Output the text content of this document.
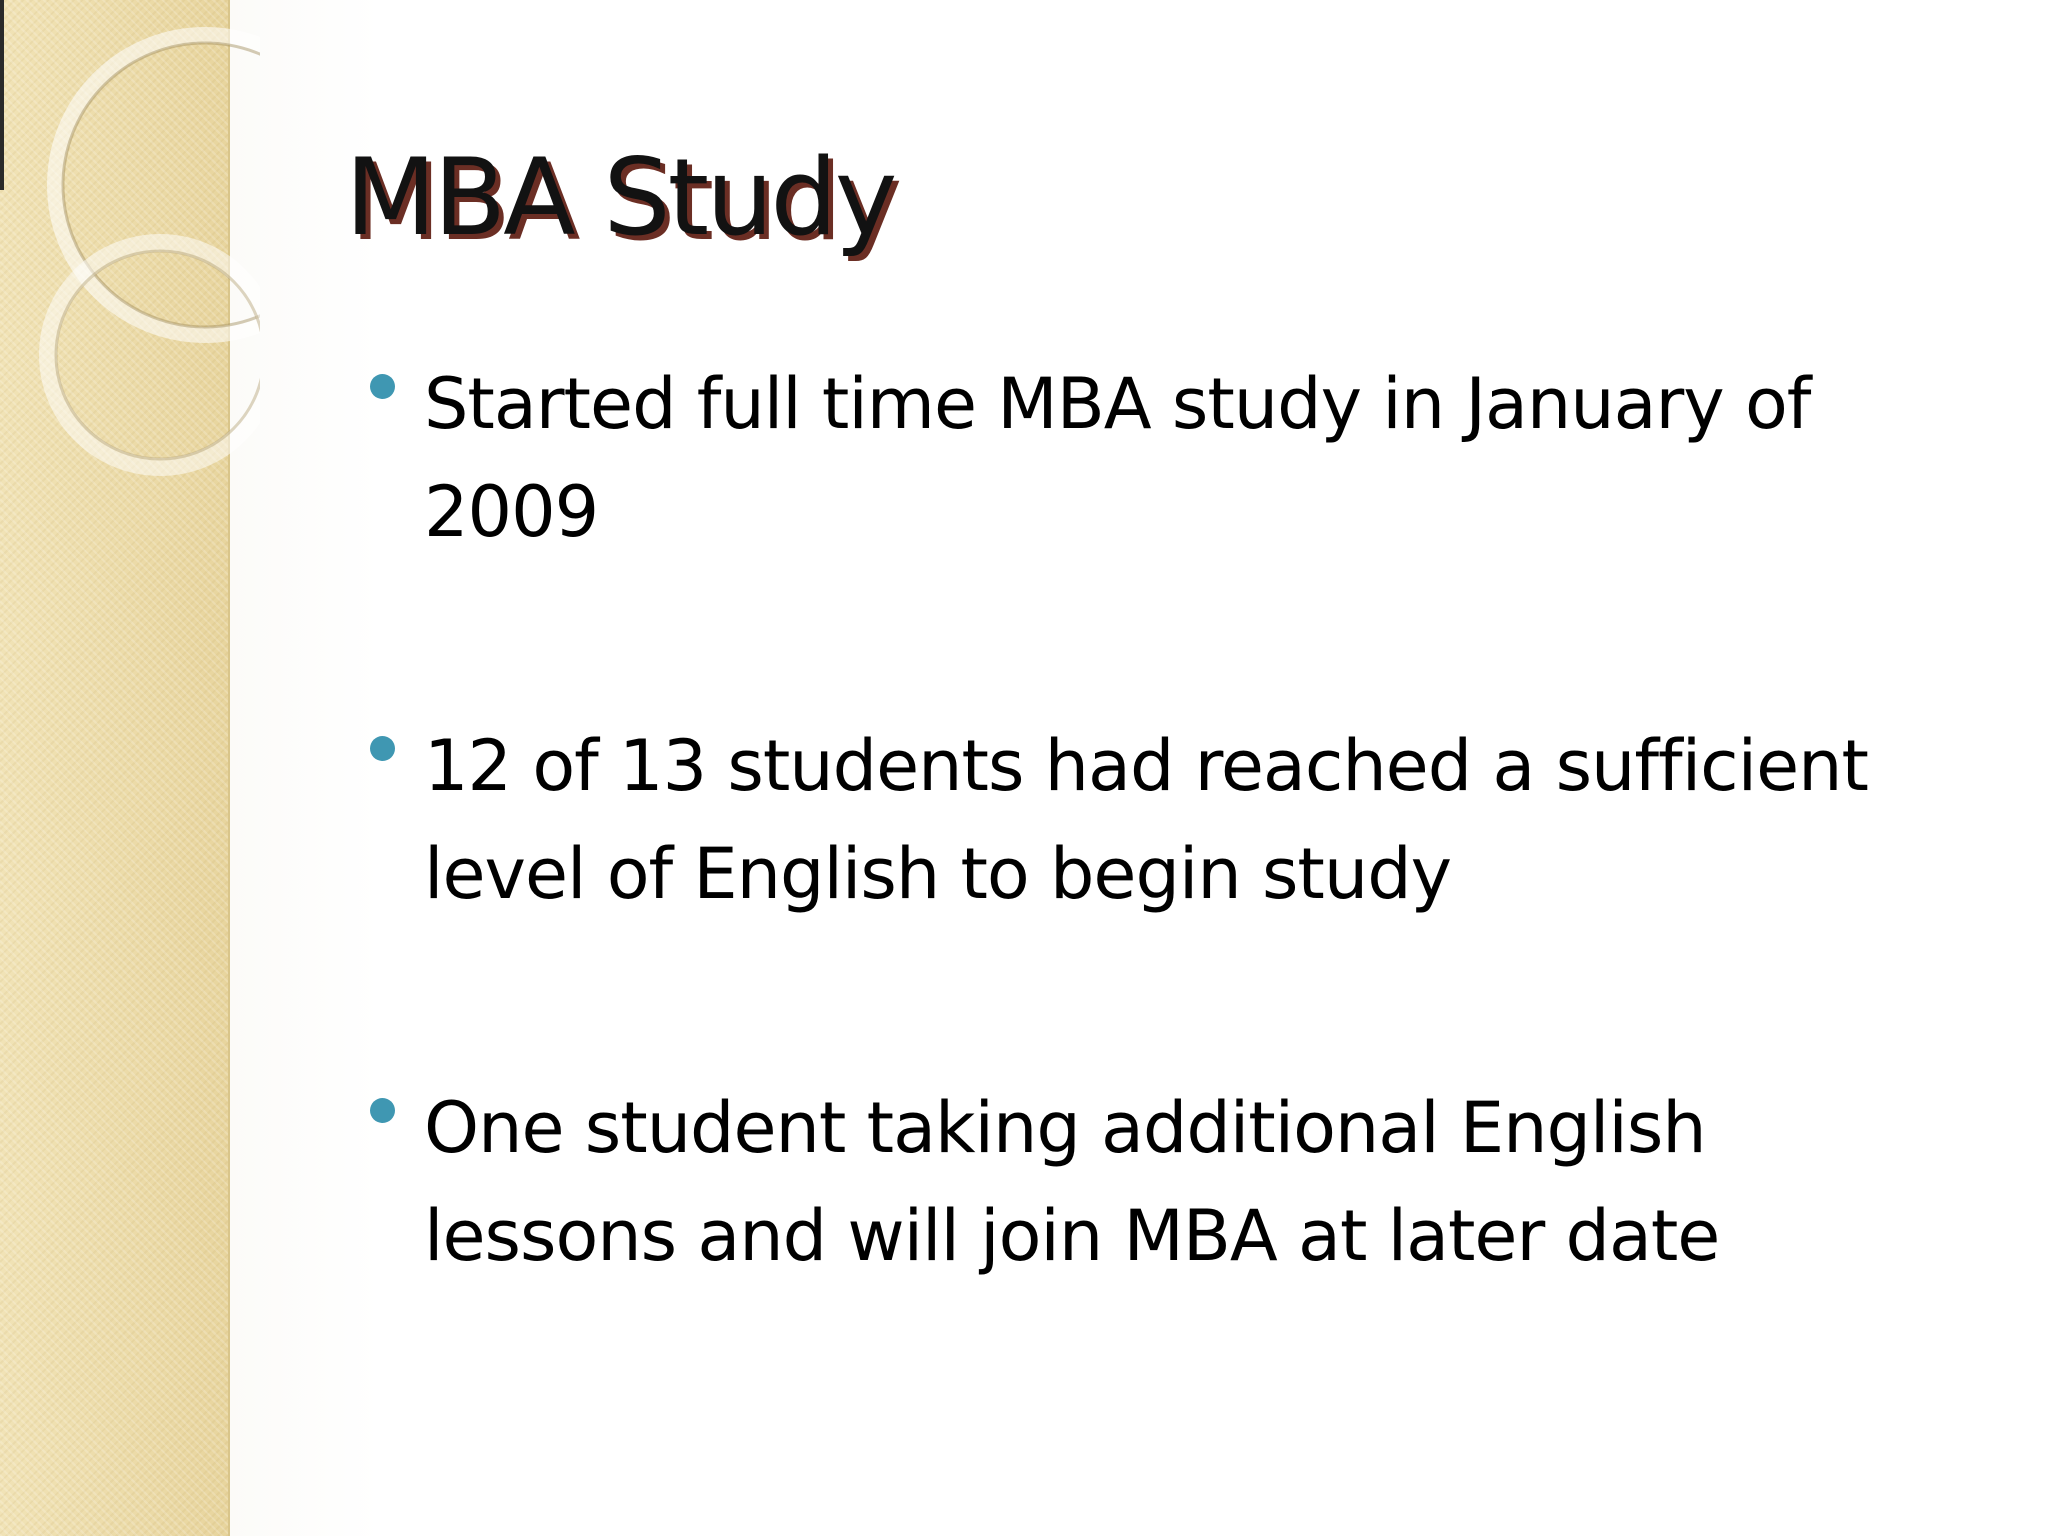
MBA Study
Started full time MBA study in January of
2009
12 of 13 students had reached a sufficient
level of English to begin study
One student taking additional English
lessons and will join MBA at later date
